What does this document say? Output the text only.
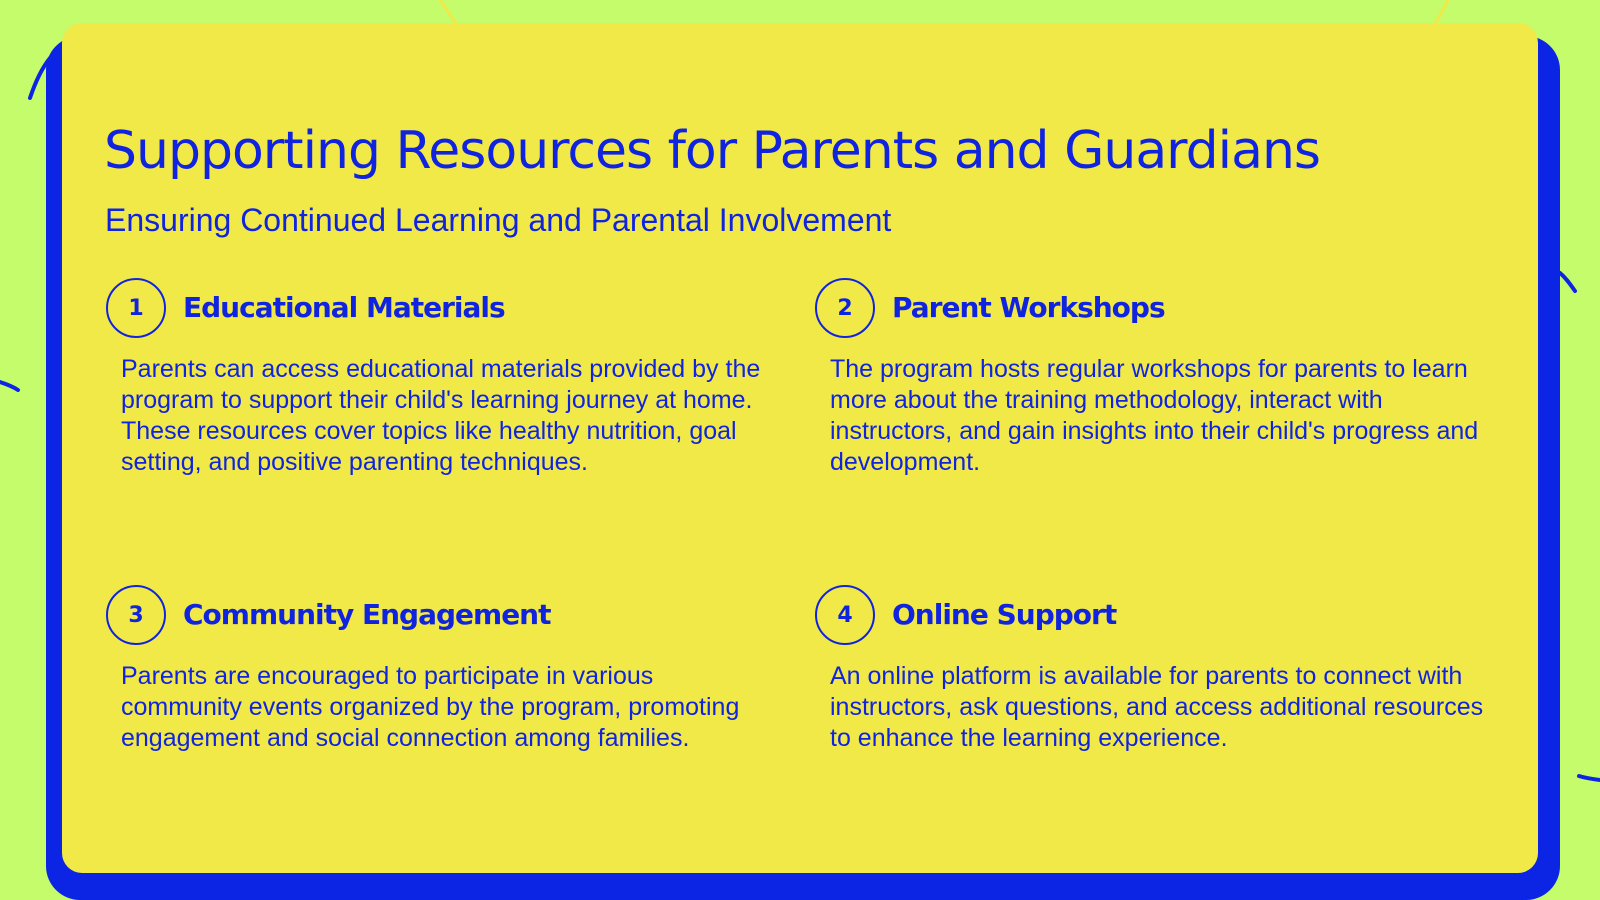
Supporting Resources for Parents and Guardians
Ensuring Continued Learning and Parental Involvement
1	Educational Materials

Parents can access educational materials provided by the program to support their child's learning journey at home. These resources cover topics like healthy nutrition, goal setting, and positive parenting techniques.

2	Parent Workshops

The program hosts regular workshops for parents to learn more about the training methodology, interact with instructors, and gain insights into their child's progress and development.

3	Community Engagement

Parents are encouraged to participate in various community events organized by the program, promoting engagement and social connection among families.

4	Online Support

An online platform is available for parents to connect with instructors, ask questions, and access additional resources to enhance the learning experience.
